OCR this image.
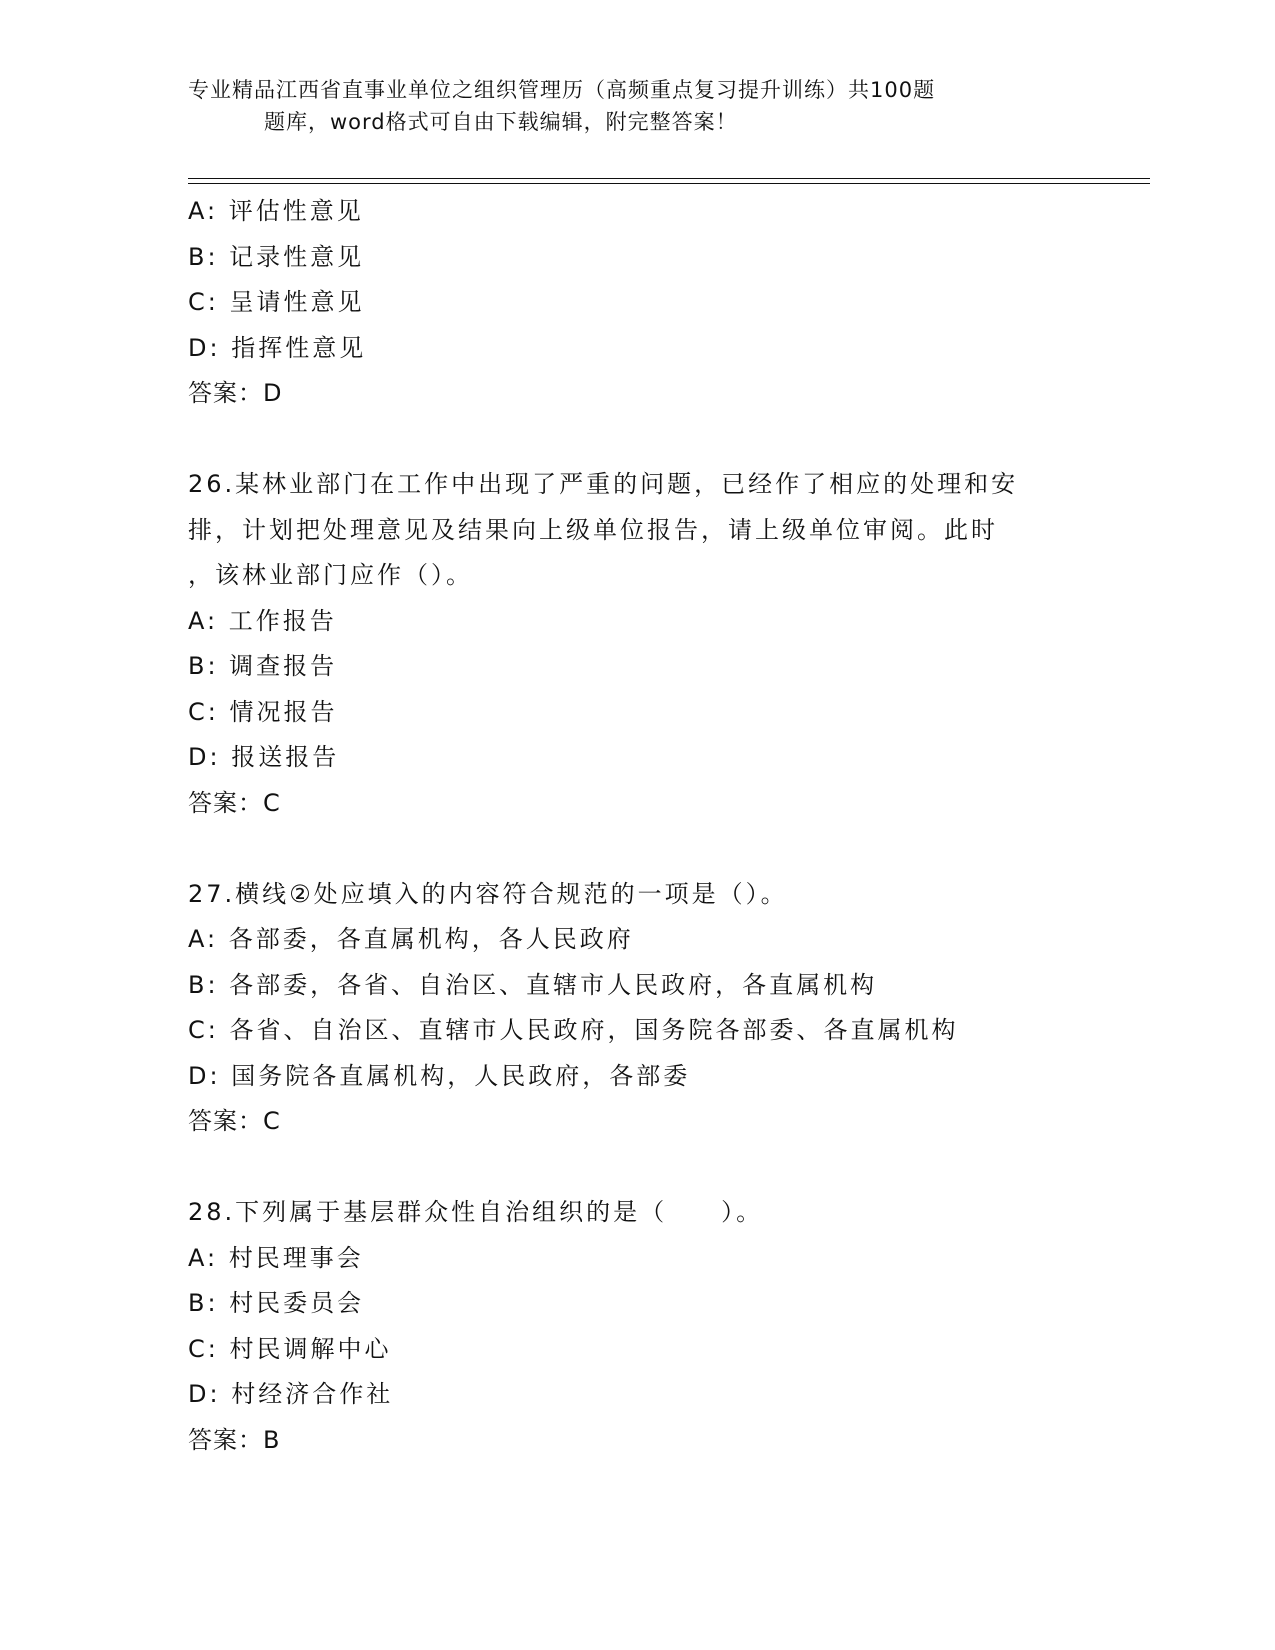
专业精品江西省直事业单位之组织管理历（高频重点复习提升训练）共100题
题库，word格式可自由下载编辑，附完整答案！
A: 评估性意见
B: 记录性意见
C: 呈请性意见
D: 指挥性意见
答案：D
26.某林业部门在工作中出现了严重的问题，已经作了相应的处理和安
排，计划把处理意见及结果向上级单位报告，请上级单位审阅。此时
，该林业部门应作（）。
A: 工作报告
B: 调查报告
C: 情况报告
D: 报送报告
答案：C
27.横线②处应填入的内容符合规范的一项是（）。
A: 各部委，各直属机构，各人民政府
B: 各部委，各省、自治区、直辖市人民政府，各直属机构
C: 各省、自治区、直辖市人民政府，国务院各部委、各直属机构
D: 国务院各直属机构，人民政府，各部委
答案：C
28.下列属于基层群众性自治组织的是（　　）。
A: 村民理事会
B: 村民委员会
C: 村民调解中心
D: 村经济合作社
答案：B
